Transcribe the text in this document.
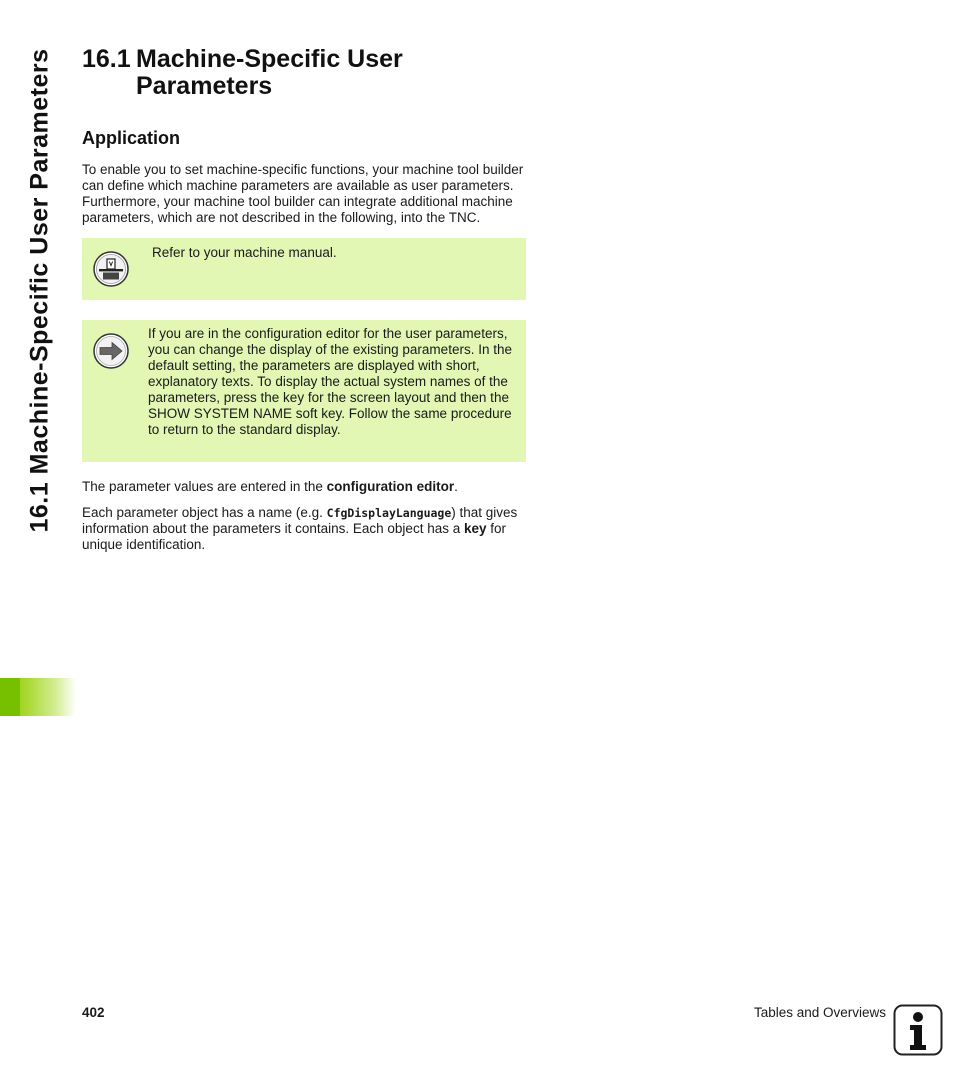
16.1 Machine-Specific User Parameters 16.1 Machine-Specific User Parameters
Application

To enable you to set machine-specific functions, your machine tool builder can define which machine parameters are available as user parameters. Furthermore, your machine tool builder can integrate additional machine parameters, which are not described in the following, into the TNC.

Refer to your machine manual.
If you are in the configuration editor for the user parameters, you can change the display of the existing parameters. In the default setting, the parameters are displayed with short, explanatory texts. To display the actual system names of the parameters, press the key for the screen layout and then the SHOW SYSTEM NAME soft key. Follow the same procedure to return to the standard display.

The parameter values are entered in the configuration editor.

Each parameter object has a name (e.g. CfgDisplayLanguage) that gives information about the parameters it contains. Each object has a key for unique identification.

402	Tables and Overviews
